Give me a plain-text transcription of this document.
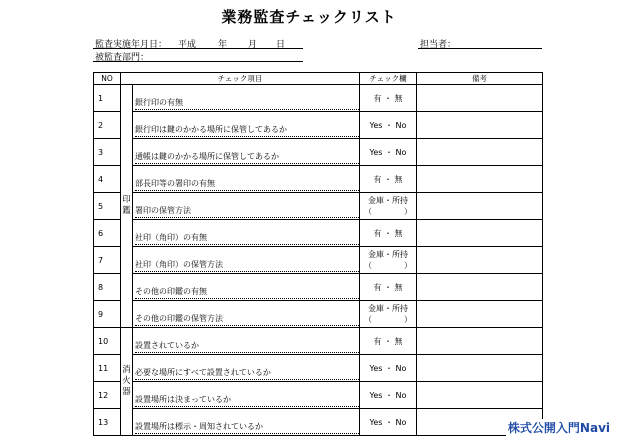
業務監査チェックリスト
監査実施年月日： 平成 年 月 日	担当者：
被監査部門：
NO	チェック項目		チェック欄	備考
1	印鑑	銀行印の有無	有 ・ 無	
2		銀行印は鍵のかかる場所に保管してあるか	Yes ・ No	
3		通帳は鍵のかかる場所に保管してあるか	Yes ・ No	
4		部長印等の署印の有無	有 ・ 無	
5		署印の保管方法	金庫・所持 （　　　　）	
6		社印（角印）の有無	有 ・ 無	
7		社印（角印）の保管方法	金庫・所持 （　　　　）	
8		その他の印鑑の有無	有 ・ 無	
9		その他の印鑑の保管方法	金庫・所持 （　　　　）	
10	消火器	設置されているか	有 ・ 無	
11		必要な場所にすべて設置されているか	Yes ・ No	
12		設置場所は決まっているか	Yes ・ No	
13		設置場所は標示・周知されているか	Yes ・ No		株式公開入門Navi
